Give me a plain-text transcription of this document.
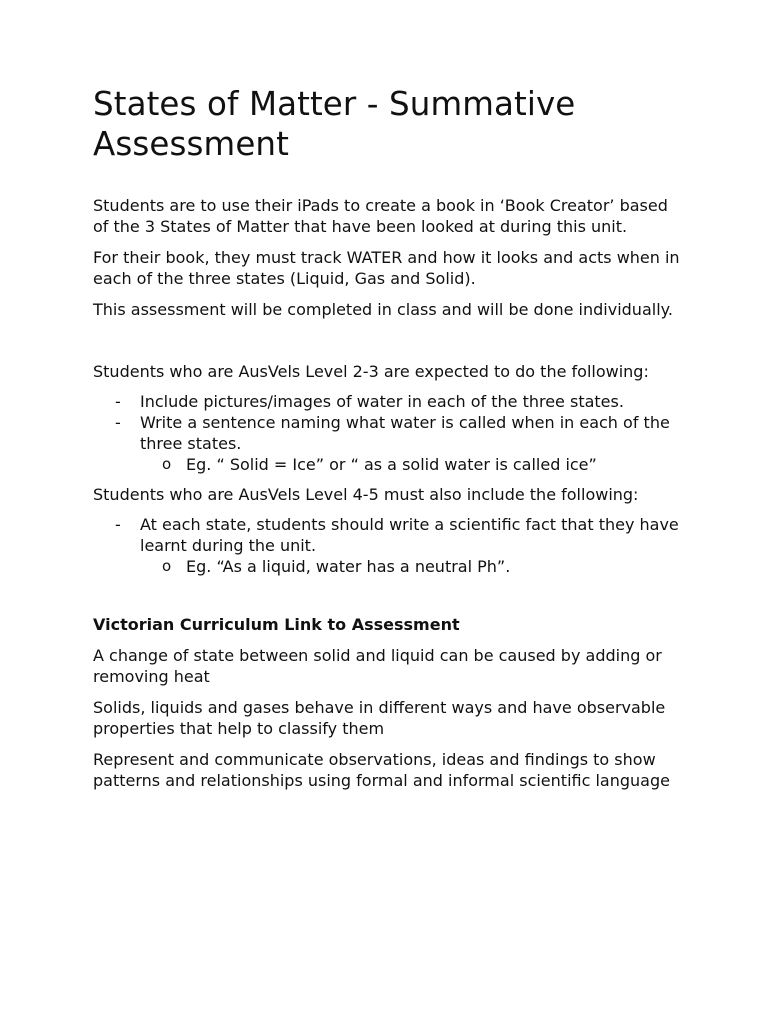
States of Matter - Summative Assessment

Students are to use their iPads to create a book in ‘Book Creator’ based of the 3 States of Matter that have been looked at during this unit.

For their book, they must track WATER and how it looks and acts when in each of the three states (Liquid, Gas and Solid).

This assessment will be completed in class and will be done individually.

Students who are AusVels Level 2-3 are expected to do the following:

- Include pictures/images of water in each of the three states.
- Write a sentence naming what water is called when in each of the three states.
o Eg. “ Solid = Ice” or “ as a solid water is called ice”

Students who are AusVels Level 4-5 must also include the following:

- At each state, students should write a scientific fact that they have learnt during the unit.
o Eg. “As a liquid, water has a neutral Ph”.

Victorian Curriculum Link to Assessment

A change of state between solid and liquid can be caused by adding or removing heat

Solids, liquids and gases behave in different ways and have observable properties that help to classify them

Represent and communicate observations, ideas and findings to show patterns and relationships using formal and informal scientific language
